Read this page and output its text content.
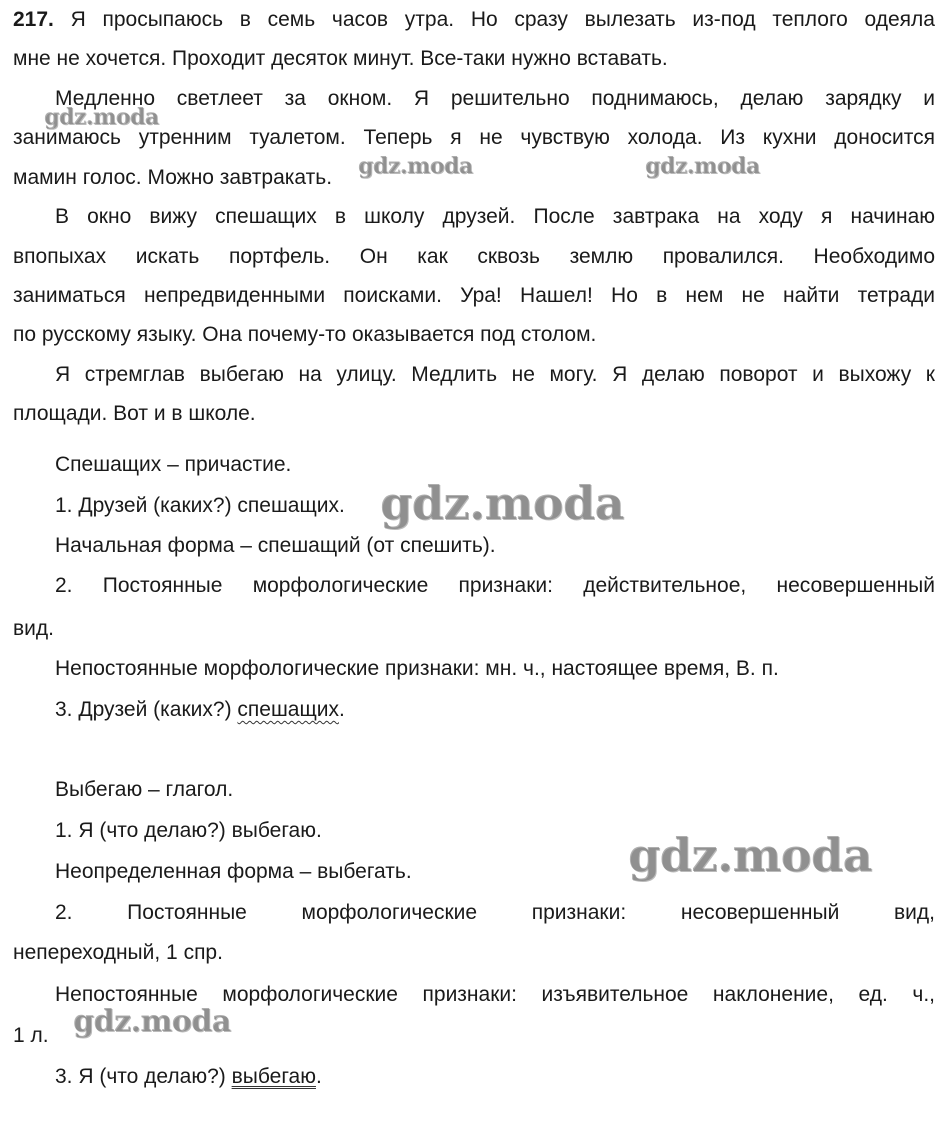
217. Я просыпаюсь в семь часов утра. Но сразу вылезать из-под теплого одеяла
мне не хочется. Проходит десяток минут. Все-таки нужно вставать.
Медленно светлеет за окном. Я решительно поднимаюсь, делаю зарядку и
занимаюсь утренним туалетом. Теперь я не чувствую холода. Из кухни доносится
мамин голос. Можно завтракать.
В окно вижу спешащих в школу друзей. После завтрака на ходу я начинаю
впопыхах искать портфель. Он как сквозь землю провалился. Необходимо
заниматься непредвиденными поисками. Ура! Нашел! Но в нем не найти тетради
по русскому языку. Она почему-то оказывается под столом.
Я стремглав выбегаю на улицу. Медлить не могу. Я делаю поворот и выхожу к
площади. Вот и в школе.
Спешащих – причастие.
1. Друзей (каких?) спешащих.
Начальная форма – спешащий (от спешить).
2. Постоянные морфологические признаки: действительное, несовершенный
вид.
Непостоянные морфологические признаки: мн. ч., настоящее время, В. п.
3. Друзей (каких?) спешащих.
Выбегаю – глагол.
1. Я (что делаю?) выбегаю.
Неопределенная форма – выбегать.
2. Постоянные морфологические признаки: несовершенный вид,
непереходный, 1 спр.
Непостоянные морфологические признаки: изъявительное наклонение, ед. ч.,
1 л.
3. Я (что делаю?) выбегаю.
gdz.moda
gdz.moda	gdz.moda
gdz.moda
gdz.moda
gdz.moda
